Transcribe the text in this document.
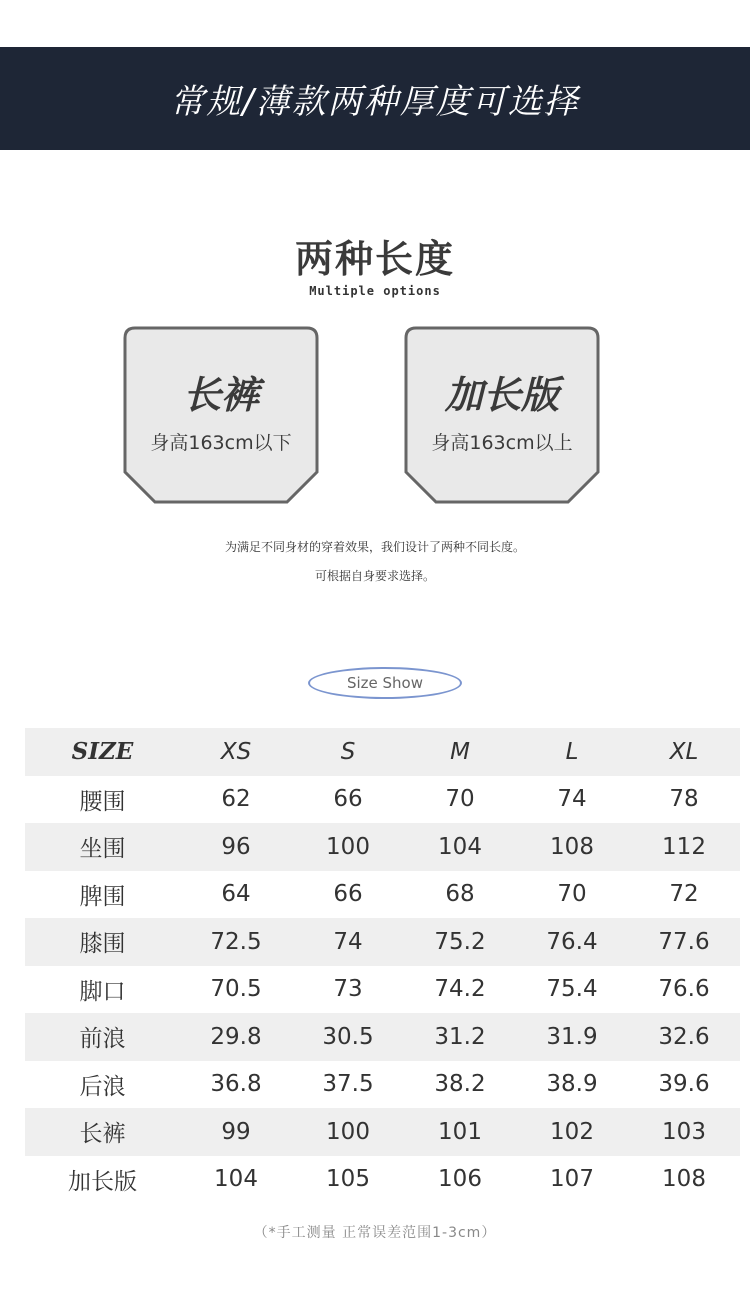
常规/薄款两种厚度可选择
两种长度
Multiple options
长裤
身高163cm以下
加长版
身高163cm以上
为满足不同身材的穿着效果，我们设计了两种不同长度。
可根据自身要求选择。
Size Show
SIZE	XS	S	M	L	XL
腰围	62	66	70	74	78
坐围	96	100	104	108	112
脾围	64	66	68	70	72
膝围	72.5	74	75.2	76.4	77.6
脚口	70.5	73	74.2	75.4	76.6
前浪	29.8	30.5	31.2	31.9	32.6
后浪	36.8	37.5	38.2	38.9	39.6
长裤	99	100	101	102	103
加长版	104	105	106	107	108
（*手工测量 正常误差范围1-3cm）
